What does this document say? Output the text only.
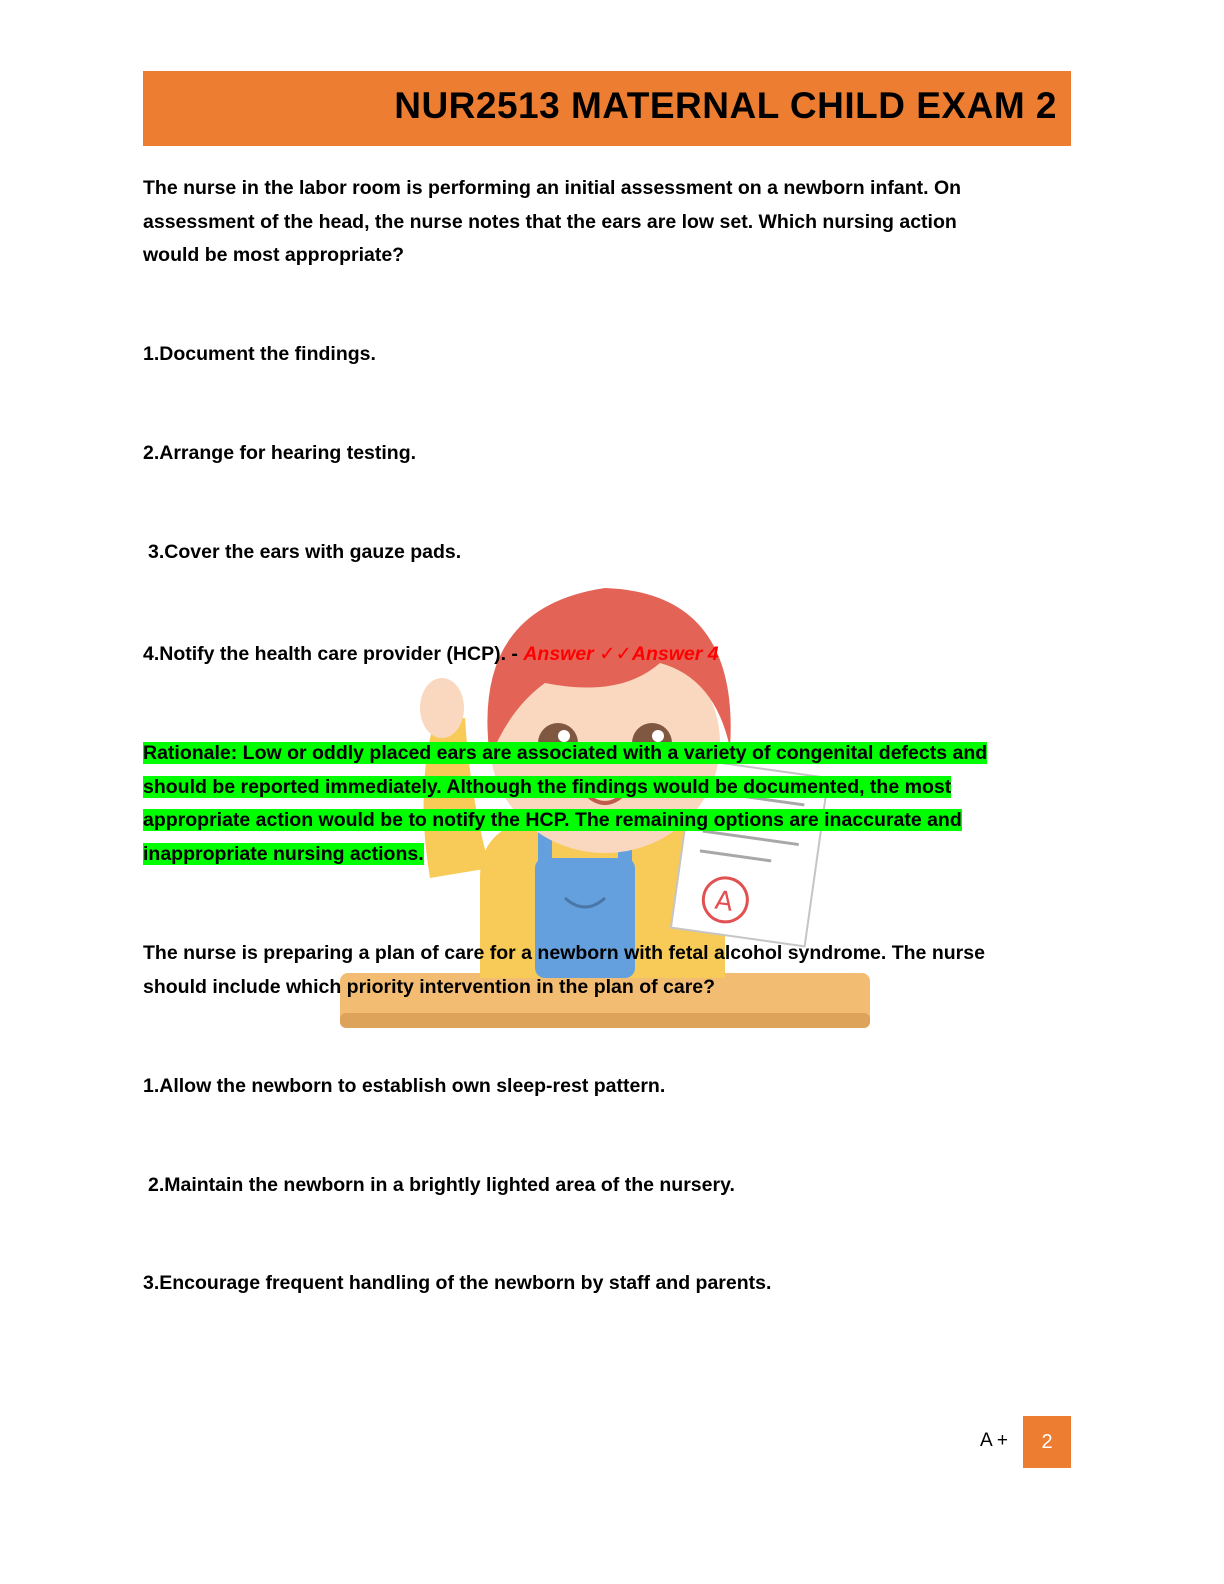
NUR2513 MATERNAL CHILD EXAM 2
A
The nurse in the labor room is performing an initial assessment on a newborn infant. On
assessment of the head, the nurse notes that the ears are low set. Which nursing action
would be most appropriate?
1.Document the findings.
2.Arrange for hearing testing.
3.Cover the ears with gauze pads.
4.Notify the health care provider (HCP). - Answer ✓✓Answer 4
Rationale: Low or oddly placed ears are associated with a variety of congenital defects and
should be reported immediately. Although the findings would be documented, the most
appropriate action would be to notify the HCP. The remaining options are inaccurate and
inappropriate nursing actions.
The nurse is preparing a plan of care for a newborn with fetal alcohol syndrome. The nurse
should include which priority intervention in the plan of care?
1.Allow the newborn to establish own sleep-rest pattern.
2.Maintain the newborn in a brightly lighted area of the nursery.
3.Encourage frequent handling of the newborn by staff and parents.
A +	2
